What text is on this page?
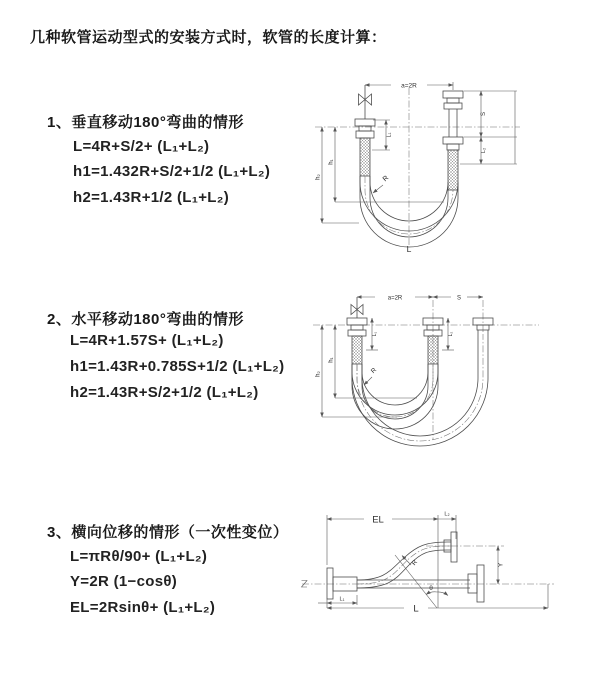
几种软管运动型式的安装方式时，软管的长度计算：
1、垂直移动180°弯曲的情形
L=4R+S/2+ (L₁+L₂)
h1=1.432R+S/2+1/2 (L₁+L₂)
h2=1.43R+1/2 (L₁+L₂)
2、水平移动180°弯曲的情形
L=4R+1.57S+ (L₁+L₂)
h1=1.43R+0.785S+1/2 (L₁+L₂)
h2=1.43R+S/2+1/2 (L₁+L₂)
3、横向位移的情形（一次性变位）
L=πRθ/90+ (L₁+L₂)
Y=2R (1−cosθ)
EL=2Rsinθ+ (L₁+L₂)
a=2R
L₁
S
L₂
h₁
h₂	R
L
a=2R	S
L₁	L₂
h₁
h₂	R
EL	L₂
Y
L
L₁
θ
R
